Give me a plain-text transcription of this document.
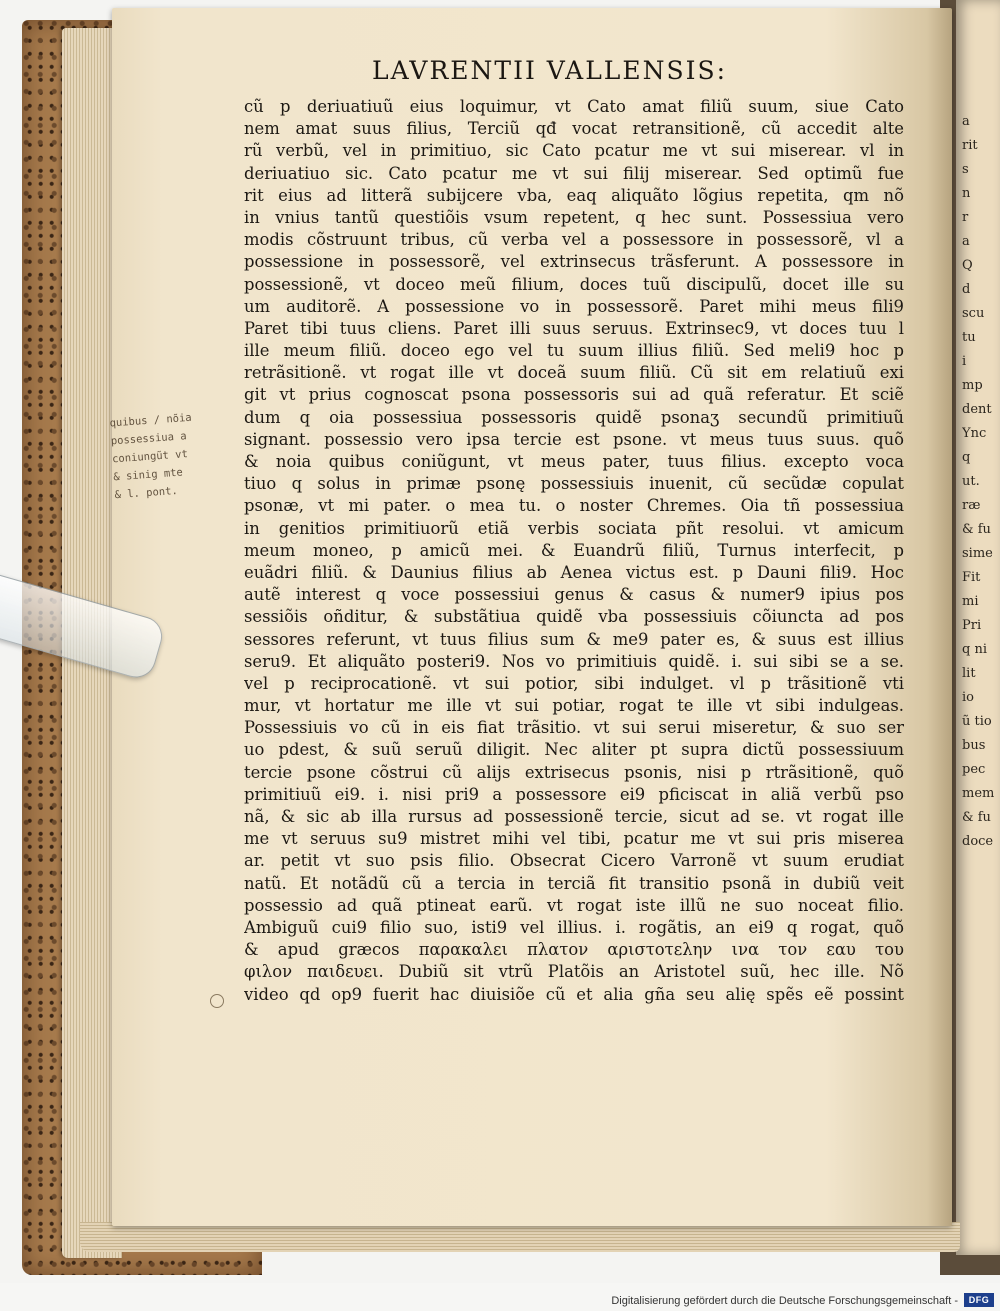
LAVRENTII VALLENSIS:
cũ p deriuatiuũ eius loquimur, vt Cato amat filiũ suum, siue Cato
nem amat suus filius, Terciũ qđ vocat retransitionẽ, cũ accedit alte
rũ verbũ, vel in primitiuo, sic Cato pcatur me vt sui miserear. vl in
deriuatiuo sic. Cato pcatur me vt sui filij miserear. Sed optimũ fue
rit eius ad litterã subijcere vba, eaq aliquãto lõgius repetita, qm nõ
in vnius tantũ questiõis vsum repetent, q hec sunt. Possessiua vero
modis cõstruunt tribus, cũ verba vel a possessore in possessorẽ, vl a
possessione in possessorẽ, vel extrinsecus trãsferunt. A possessore in
possessionẽ, vt doceo meũ filium, doces tuũ discipulũ, docet ille su
um auditorẽ. A possessione vo in possessorẽ. Paret mihi meus fili9
Paret tibi tuus cliens. Paret illi suus seruus. Extrinsec9, vt doces tuu l
ille meum filiũ. doceo ego vel tu suum illius filiũ. Sed meli9 hoc p
retrãsitionẽ. vt rogat ille vt doceã suum filiũ. Cũ sit em relatiuũ exi
git vt prius cognoscat psona possessoris sui ad quã referatur. Et sciẽ
dum q oia possessiua possessoris quidẽ psonaʒ secundũ primitiuũ
signant. possessio vero ipsa tercie est psone. vt meus tuus suus. quõ
& noia quibus coniũgunt, vt meus pater, tuus filius. excepto voca
tiuo q solus in primæ psonę possessiuis inuenit, cũ secũdæ copulat
psonæ, vt mi pater. o mea tu. o noster Chremes. Oia tñ possessiua
in genitios primitiuorũ etiã verbis sociata pñt resolui. vt amicum
meum moneo, p amicũ mei. & Euandrũ filiũ, Turnus interfecit, p
euãdri filiũ. & Daunius filius ab Aenea victus est. p Dauni fili9. Hoc
autẽ interest q voce possessiui genus & casus & numer9 ipius pos
sessiõis oñditur, & substãtiua quidẽ vba possessiuis cõiuncta ad pos
sessores referunt, vt tuus filius sum & me9 pater es, & suus est illius
seru9. Et aliquãto posteri9. Nos vo primitiuis quidẽ. i. sui sibi se a se.
vel p reciprocationẽ. vt sui potior, sibi indulget. vl p trãsitionẽ vti
mur, vt hortatur me ille vt sui potiar, rogat te ille vt sibi indulgeas.
Possessiuis vo cũ in eis fiat trãsitio. vt sui serui miseretur, & suo ser
uo pdest, & suũ seruũ diligit. Nec aliter pt supra dictũ possessiuum
tercie psone cõstrui cũ alijs extrisecus psonis, nisi p rtrãsitionẽ, quõ
primitiuũ ei9. i. nisi pri9 a possessore ei9 pficiscat in aliã verbũ pso
nã, & sic ab illa rursus ad possessionẽ tercie, sicut ad se. vt rogat ille
me vt seruus su9 mistret mihi vel tibi, pcatur me vt sui pris miserea
ar. petit vt suo psis filio. Obsecrat Cicero Varronẽ vt suum erudiat
natũ. Et notãdũ cũ a tercia in terciã fit transitio psonã in dubiũ veit
possessio ad quã ptineat earũ. vt rogat iste illũ ne suo noceat filio.
Ambiguũ cui9 filio suo, isti9 vel illius. i. rogãtis, an ei9 q rogat, quõ
& apud græcos παρακαλει πλατον αριστοτελην ινα τον εαυ του
φιλον παιδευει. Dubiũ sit vtrũ Platõis an Aristotel suũ, hec ille. Nõ
video qd op9 fuerit hac diuisiõe cũ et alia gña seu alię spẽs eẽ possint
quibus / nõia
possessiua a
coniungũt vt
& sinig mte
& l. pont.
a
rit
s
n
r
a
Q
d
scu
tu
i
mp
dent
Ync
q
ut.
ræ
& fu
sime
Fit
mi
Pri
q ni
lit
io
ũ tio
bus
pec
mem
& fu
doce
Digitalisierung gefördert durch die Deutsche Forschungsgemeinschaft -	DFG
